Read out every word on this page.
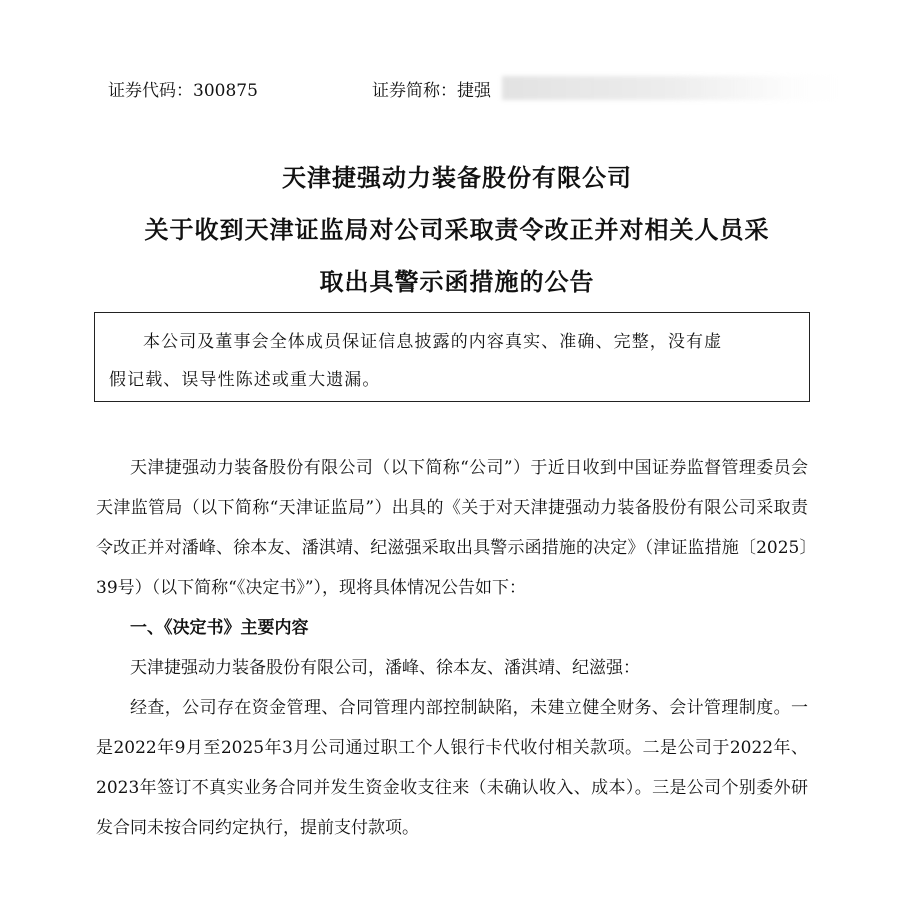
证券代码：300875	证券简称：捷强
天津捷强动力装备股份有限公司
关于收到天津证监局对公司采取责令改正并对相关人员采
取出具警示函措施的公告

本公司及董事会全体成员保证信息披露的内容真实、准确、完整，没有虚

假记载、误导性陈述或重大遗漏。

天津捷强动力装备股份有限公司（以下简称“公司”）于近日收到中国证券监督管理委员会天津监管局（以下简称“天津证监局”）出具的《关于对天津捷强动力装备股份有限公司采取责令改正并对潘峰、徐本友、潘淇靖、纪滋强采取出具警示函措施的决定》（津证监措施〔2025〕39号）（以下简称“《决定书》”），现将具体情况公告如下：

一、《决定书》主要内容

天津捷强动力装备股份有限公司，潘峰、徐本友、潘淇靖、纪滋强：

经查，公司存在资金管理、合同管理内部控制缺陷，未建立健全财务、会计管理制度。一是2022年9月至2025年3月公司通过职工个人银行卡代收付相关款项。二是公司于2022年、2023年签订不真实业务合同并发生资金收支往来（未确认收入、成本）。三是公司个别委外研发合同未按合同约定执行，提前支付款项。
